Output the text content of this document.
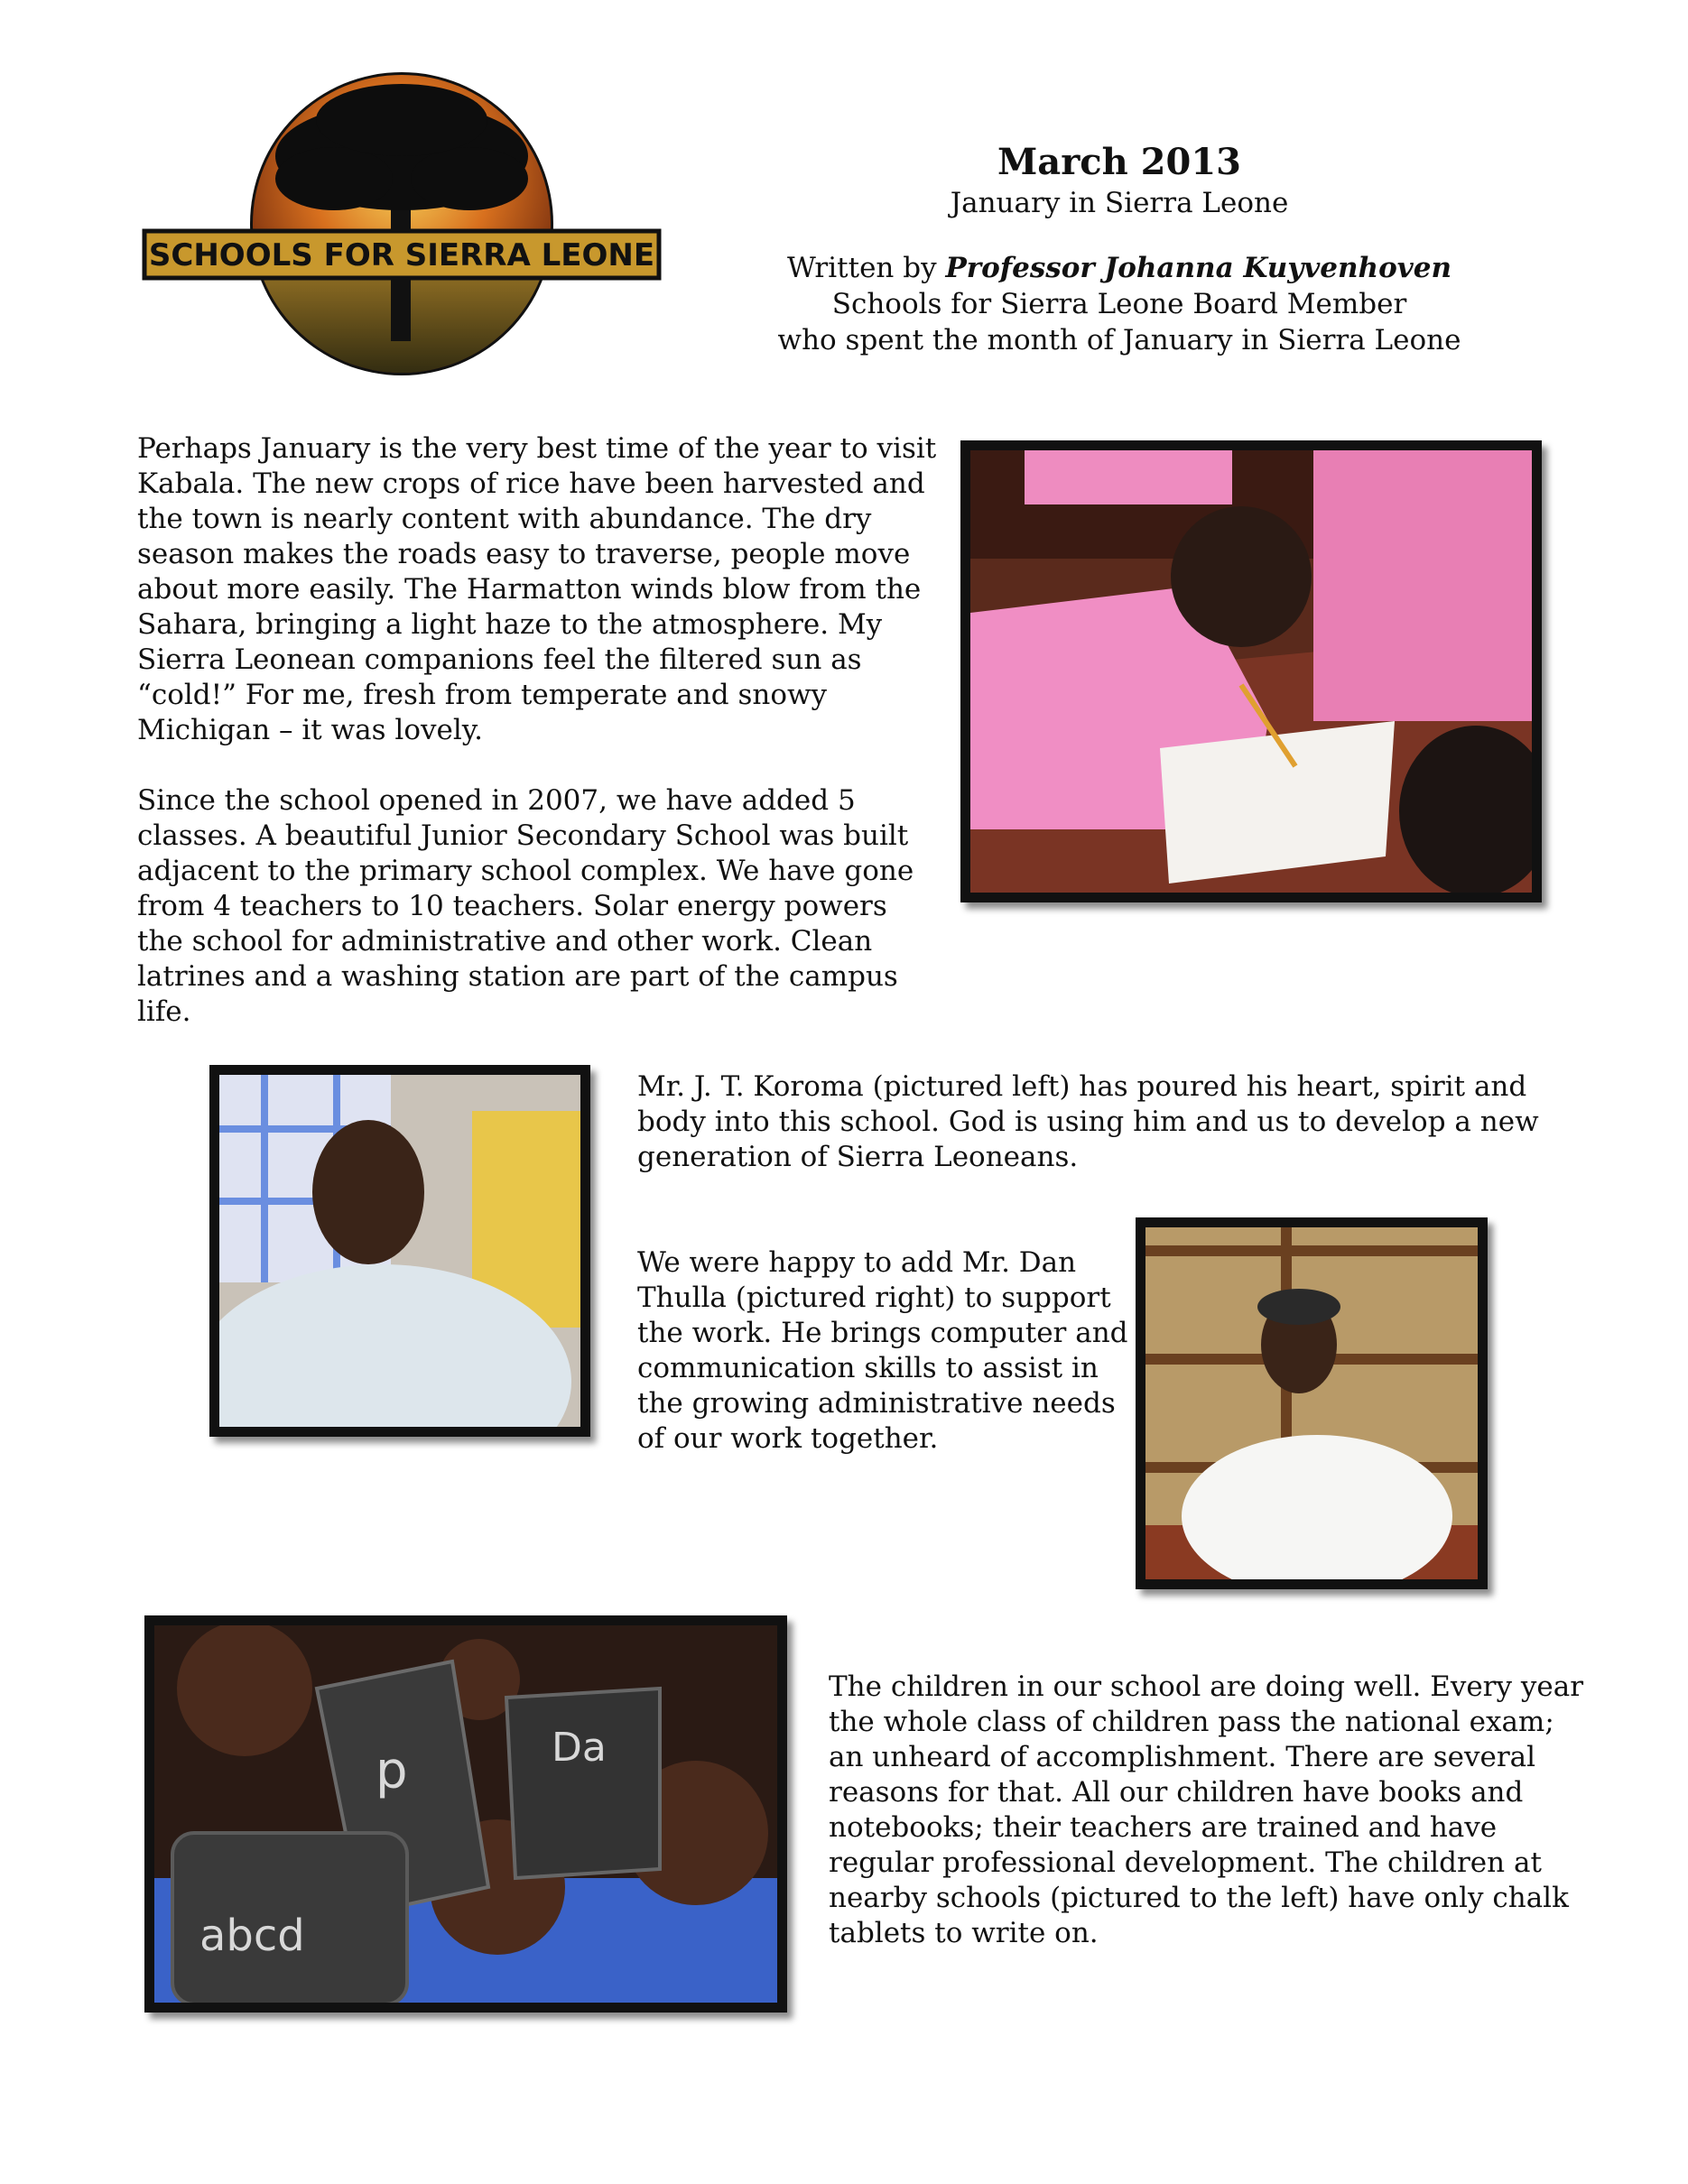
SCHOOLS FOR SIERRA LEONE
March 2013
January in Sierra Leone
Written by Professor Johanna Kuyvenhoven
Schools for Sierra Leone Board Member
who spent the month of January in Sierra Leone

Perhaps January is the very best time of the year to visit Kabala. The new crops of rice have been harvested and the town is nearly content with abundance. The dry season makes the roads easy to traverse, people move about more easily. The Harmatton winds blow from the Sahara, bringing a light haze to the atmosphere. My Sierra Leonean companions feel the filtered sun as “cold!” For me, fresh from temperate and snowy Michigan – it was lovely.

Since the school opened in 2007, we have added 5 classes. A beautiful Junior Secondary School was built adjacent to the primary school complex. We have gone from 4 teachers to 10 teachers. Solar energy powers the school for administrative and other work. Clean latrines and a washing station are part of the campus life.

Mr. J. T. Koroma (pictured left) has poured his heart, spirit and body into this school. God is using him and us to develop a new generation of Sierra Leoneans.

We were happy to add Mr. Dan Thulla (pictured right) to support the work. He brings computer and communication skills to assist in the growing administrative needs of our work together.

p	Da
abcd

The children in our school are doing well. Every year the whole class of children pass the national exam; an unheard of accomplishment. There are several reasons for that. All our children have books and notebooks; their teachers are trained and have regular professional development. The children at nearby schools (pictured to the left) have only chalk tablets to write on.
